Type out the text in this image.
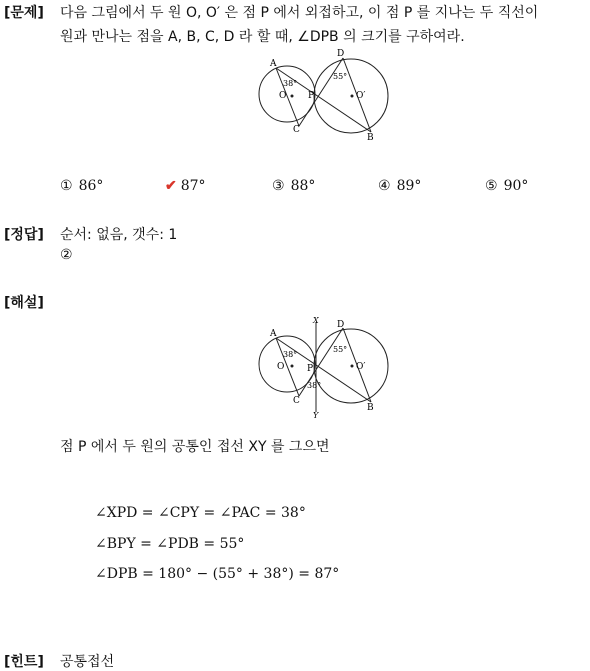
[문제] 다음 그림에서 두 원 O, O′ 은 점 P 에서 외접하고, 이 점 P 를 지나는 두 직선이
원과 만나는 점을 A, B, C, D 라 할 때, ∠DPB 의 크기를 구하여라.
A
D
O P	O′
C
B
38°
55°
① 86°	✔ 87°	③ 88°	④ 89°	⑤ 90°
[정답] 순서: 없음, 갯수: 1
②
[해설]
X
Y
A
D
O	P	O′
C
B
38°
55°
38°
점 P 에서 두 원의 공통인 접선 XY 를 그으면
∠XPD = ∠CPY = ∠PAC = 38°
∠BPY = ∠PDB = 55°
∠DPB = 180° − (55° + 38°) = 87°
[힌트] 공통접선
